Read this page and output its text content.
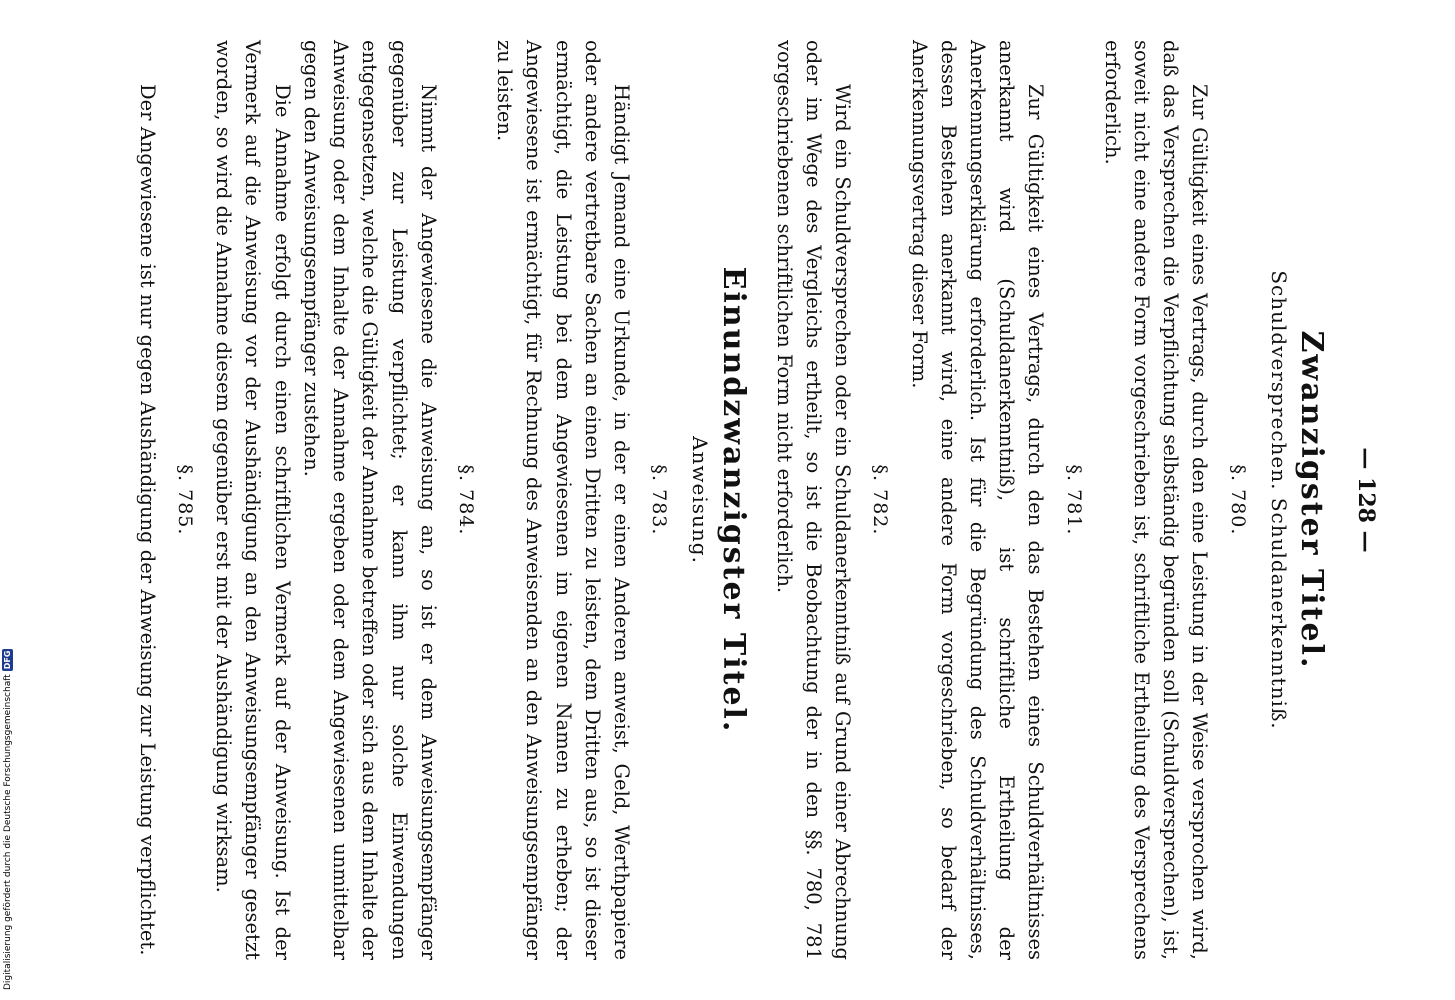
— 128 —
Zwanzigster Titel.
Schuldversprechen. Schuldanerkenntniß.
§. 780.

Zur Gültigkeit eines Vertrags, durch den eine Leistung in der Weise versprochen wird, daß das Versprechen die Verpflichtung selbständig begründen soll (Schuldversprechen), ist, soweit nicht eine andere Form vorgeschrieben ist, schriftliche Ertheilung des Versprechens erforderlich.

§. 781.

Zur Gültigkeit eines Vertrags, durch den das Bestehen eines Schuldverhältnisses anerkannt wird (Schuldanerkenntniß), ist schriftliche Ertheilung der Anerkennungserklärung erforderlich. Ist für die Begründung des Schuldverhältnisses, dessen Bestehen anerkannt wird, eine andere Form vorgeschrieben, so bedarf der Anerkennungsvertrag dieser Form.

§. 782.

Wird ein Schuldversprechen oder ein Schuldanerkenntniß auf Grund einer Abrechnung oder im Wege des Vergleichs ertheilt, so ist die Beobachtung der in den §§. 780, 781 vorgeschriebenen schriftlichen Form nicht erforderlich.

Einundzwanzigster Titel.
Anweisung.
§. 783.

Händigt Jemand eine Urkunde, in der er einen Anderen anweist, Geld, Werthpapiere oder andere vertretbare Sachen an einen Dritten zu leisten, dem Dritten aus, so ist dieser ermächtigt, die Leistung bei dem Angewiesenen im eigenen Namen zu erheben; der Angewiesene ist ermächtigt, für Rechnung des Anweisenden an den Anweisungsempfänger zu leisten.

§. 784.

Nimmt der Angewiesene die Anweisung an, so ist er dem Anweisungsempfänger gegenüber zur Leistung verpflichtet; er kann ihm nur solche Einwendungen entgegensetzen, welche die Gültigkeit der Annahme betreffen oder sich aus dem Inhalte der Anweisung oder dem Inhalte der Annahme ergeben oder dem Angewiesenen unmittelbar gegen den Anweisungsempfänger zustehen.

Die Annahme erfolgt durch einen schriftlichen Vermerk auf der Anweisung. Ist der Vermerk auf die Anweisung vor der Aushändigung an den Anweisungsempfänger gesetzt worden, so wird die Annahme diesem gegenüber erst mit der Aushändigung wirksam.

§. 785.

Der Angewiesene ist nur gegen Aushändigung der Anweisung zur Leistung verpflichtet.

Digitalisierung gefördert durch die Deutsche Forschungsgemeinschaft
DFG
